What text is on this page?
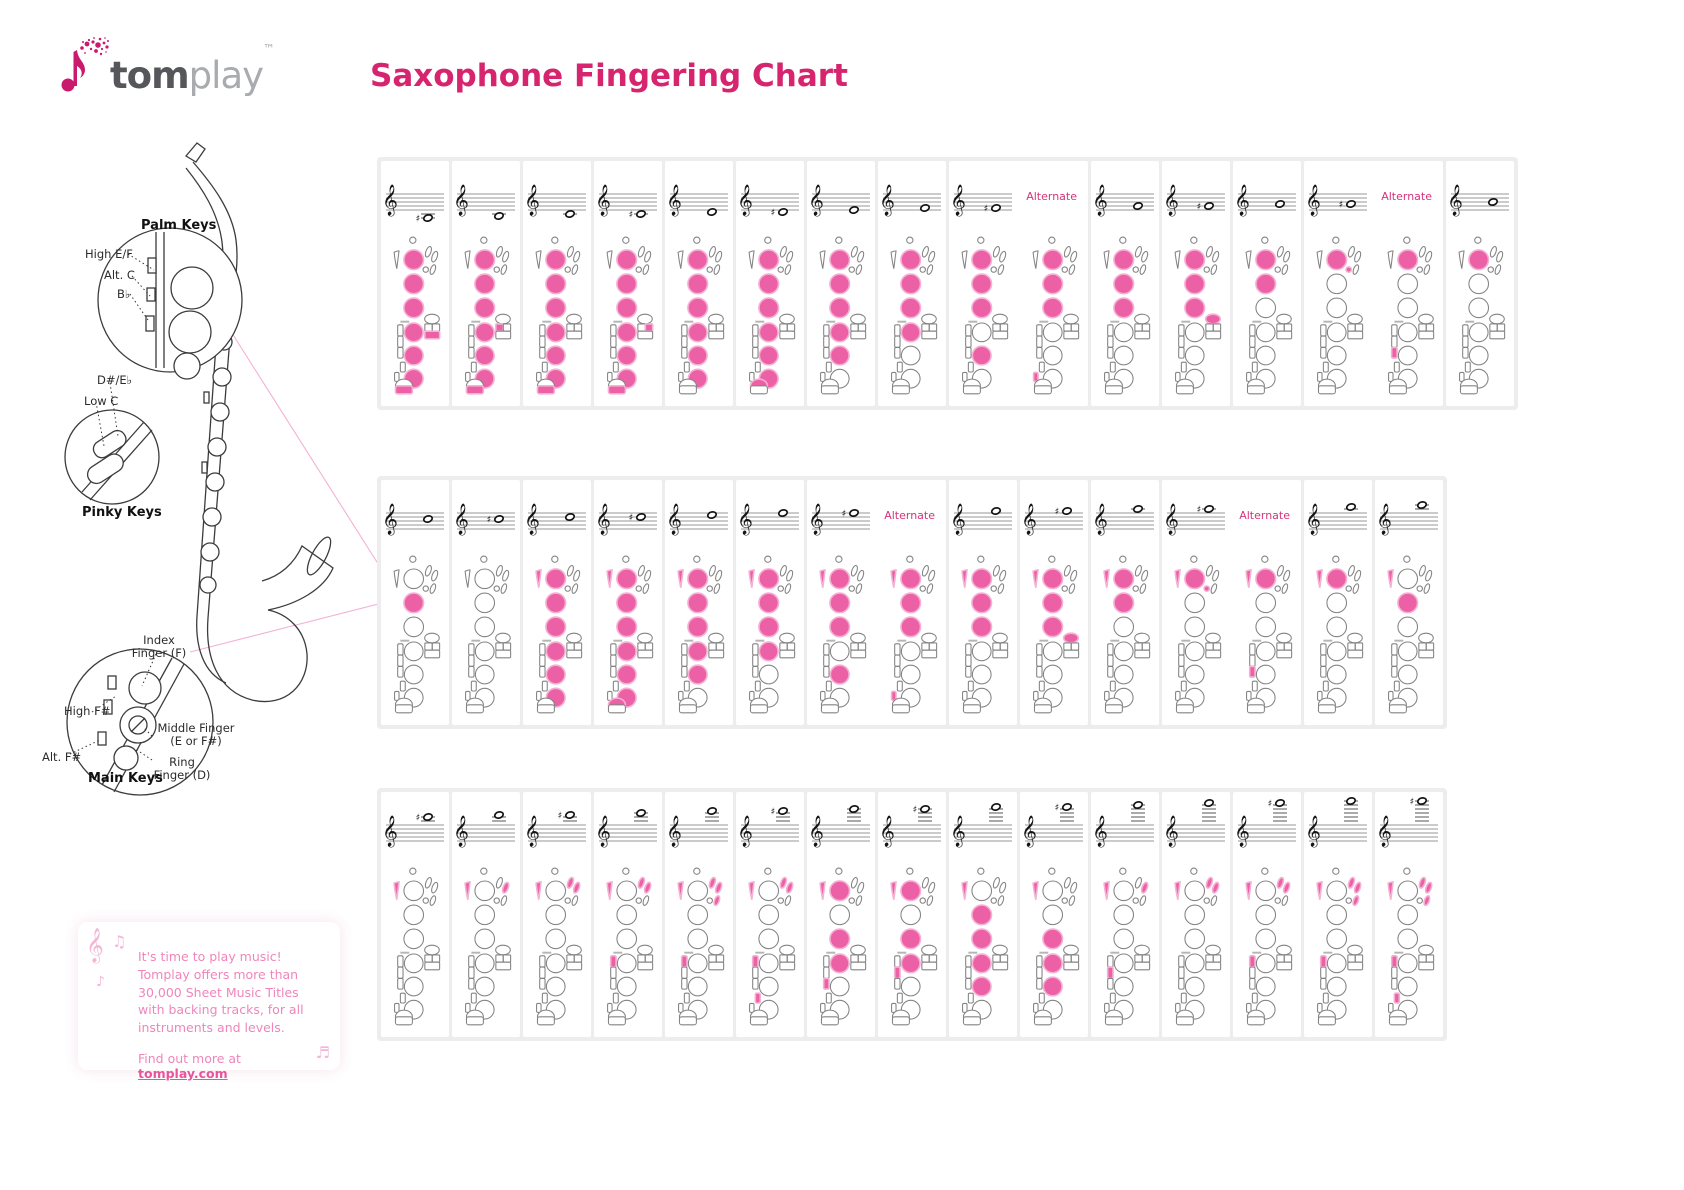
tomplay™
Saxophone Fingering Chart
Palm Keys
High E/F
Alt. C
B♭
D#/E♭
Low C
Pinky Keys
Index Finger (F)
High F#
Middle Finger (E or F#)
Alt. F#	Ring Finger (D)
Main Keys
𝄞 ♫
♪
♬
It's time to play music! Tomplay offers more than 30,000 Sheet Music Titles with backing tracks, for all instruments and levels.
Find out more at tomplay.com
𝄞
♯
𝄞 𝄞 𝄞 ♯ 𝄞 𝄞 ♯ 𝄞 𝄞 𝄞 ♯
Alternate 𝄞 𝄞 ♯ 𝄞 𝄞 ♯
Alternate 𝄞
𝄞 𝄞 ♯ 𝄞 𝄞 ♯ 𝄞 𝄞 𝄞 ♯	Alternate 𝄞 𝄞 ♯ 𝄞 𝄞 ♯	Alternate 𝄞 𝄞
𝄞 ♯ 𝄞 𝄞 ♯ 𝄞 𝄞 𝄞
♯
𝄞 𝄞
♯
𝄞 𝄞
♯
𝄞 𝄞 𝄞
♯
𝄞 𝄞
♯
